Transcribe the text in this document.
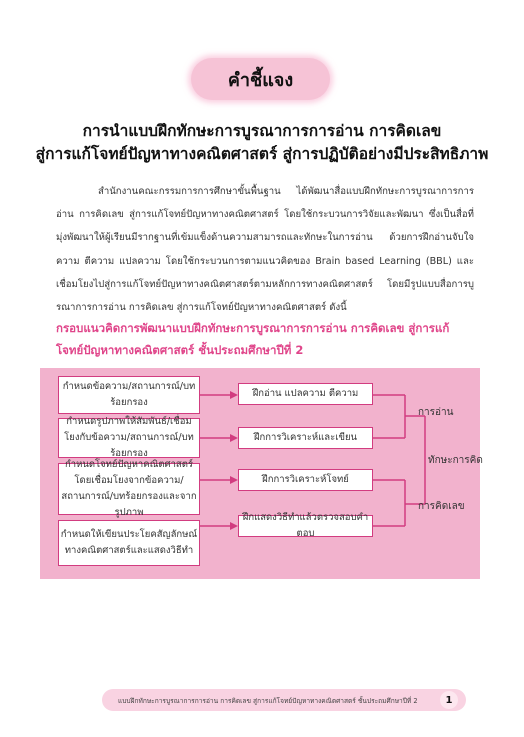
คำชี้แจง
การนำแบบฝึกทักษะการบูรณาการการอ่าน การคิดเลข
สู่การแก้โจทย์ปัญหาทางคณิตศาสตร์ สู่การปฏิบัติอย่างมีประสิทธิภาพ
สำนักงานคณะกรรมการการศึกษาขั้นพื้นฐาน ได้พัฒนาสื่อแบบฝึกทักษะการบูรณาการการอ่าน การคิดเลข สู่การแก้โจทย์ปัญหาทางคณิตศาสตร์ โดยใช้กระบวนการวิจัยและพัฒนา ซึ่งเป็นสื่อที่มุ่งพัฒนาให้ผู้เรียนมีรากฐานที่เข้มแข็งด้านความสามารถและทักษะในการอ่าน ด้วยการฝึกอ่านจับใจความ ตีความ แปลความ โดยใช้กระบวนการตามแนวคิดของ Brain based Learning (BBL) และเชื่อมโยงไปสู่การแก้โจทย์ปัญหาทางคณิตศาสตร์ตามหลักการทางคณิตศาสตร์ โดยมีรูปแบบสื่อการบูรณาการการอ่าน การคิดเลข สู่การแก้โจทย์ปัญหาทางคณิตศาสตร์ ดังนี้
กรอบแนวคิดการพัฒนาแบบฝึกทักษะการบูรณาการการอ่าน การคิดเลข สู่การแก้โจทย์ปัญหาทางคณิตศาสตร์ ชั้นประถมศึกษาปีที่ 2
กำหนดข้อความ/สถานการณ์/บทร้อยกรอง
กำหนดรูปภาพให้สัมพันธ์/เชื่อมโยงกับข้อความ/สถานการณ์/บทร้อยกรอง
กำหนดโจทย์ปัญหาคณิตศาสตร์โดยเชื่อมโยงจากข้อความ/สถานการณ์/บทร้อยกรองและจากรูปภาพ
กำหนดให้เขียนประโยคสัญลักษณ์ทางคณิตศาสตร์และแสดงวิธีทำ
ฝึกอ่าน แปลความ ตีความ
ฝึกการวิเคราะห์และเขียน
ฝึกการวิเคราะห์โจทย์
ฝึกแสดงวิธีทำแล้วตรวจสอบคำตอบ
การอ่าน
ทักษะการคิด
การคิดเลข
แบบฝึกทักษะการบูรณาการการอ่าน การคิดเลข สู่การแก้โจทย์ปัญหาทางคณิตศาสตร์ ชั้นประถมศึกษาปีที่ 2	1
